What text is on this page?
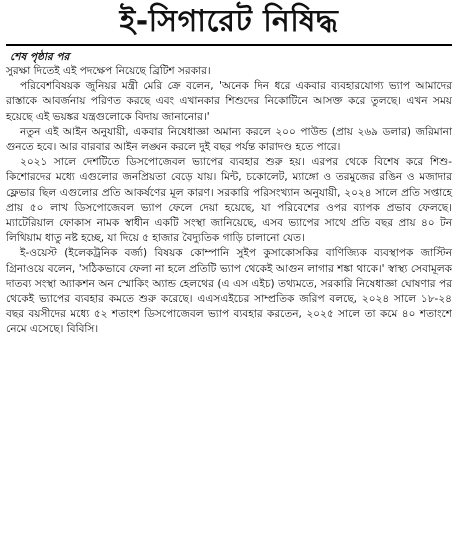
ই-সিগারেট নিষিদ্ধ

শেষ পৃষ্ঠার পর

সুরক্ষা দিতেই এই পদক্ষেপ নিয়েছে ব্রিটিশ সরকার।

পরিবেশবিষয়ক জুনিয়র মন্ত্রী মেরি ক্রে বলেন, 'অনেক দিন ধরে একবার ব্যবহারযোগ্য ভ্যাপ আমাদের রাস্তাকে আবর্জনায় পরিণত করছে এবং এখানকার শিশুদের নিকোটিনে আসক্ত করে তুলছে। এখন সময় হয়েছে এই ভয়ঙ্কর যন্ত্রগুলোকে বিদায় জানানোর।'

নতুন এই আইন অনুযায়ী, একবার নিষেধাজ্ঞা অমান্য করলে ২০০ পাউন্ড (প্রায় ২৬৯ ডলার) জরিমানা গুনতে হবে। আর বারবার আইন লঙ্ঘন করলে দুই বছর পর্যন্ত কারাদণ্ড হতে পারে।

২০২১ সালে দেশটিতে ডিসপোজেবল ভ্যাপের ব্যবহার শুরু হয়। এরপর থেকে বিশেষ করে শিশু-কিশোরদের মধ্যে এগুলোর জনপ্রিয়তা বেড়ে যায়। মিন্ট, চকোলেট, ম্যাঙ্গো ও তরমুজের রঙিন ও মজাদার ফ্লেভার ছিল এগুলোর প্রতি আকর্ষণের মূল কারণ। সরকারি পরিসংখ্যান অনুযায়ী, ২০২৪ সালে প্রতি সপ্তাহে প্রায় ৫০ লাখ ডিসপোজেবল ভ্যাপ ফেলে দেয়া হয়েছে, যা পরিবেশের ওপর ব্যাপক প্রভাব ফেলছে। ম্যাটেরিয়াল ফোকাস নামক স্বাধীন একটি সংস্থা জানিয়েছে, এসব ভ্যাপের সাথে প্রতি বছর প্রায় ৪০ টন লিথিয়াম ধাতু নষ্ট হচ্ছে, যা দিয়ে ৫ হাজার বৈদ্যুতিক গাড়ি চালানো যেত।

ই-ওয়েস্ট (ইলেকট্রনিক বর্জ্য) বিষয়ক কোম্পানি সুইপ কুসাকোসকির বাণিজ্যিক ব্যবস্থাপক জাস্টিন গ্রিনাওয়ে বলেন, 'সঠিকভাবে ফেলা না হলে প্রতিটি ভ্যাপ থেকেই আগুন লাগার শঙ্কা থাকে।' স্বাস্থ্য সেবামূলক দাতব্য সংস্থা অ্যাকশন অন স্মোকিং অ্যান্ড হেলথের (এ এস এইচ) তথ্যমতে, সরকারি নিষেধাজ্ঞা ঘোষণার পর থেকেই ভ্যাপের ব্যবহার কমতে শুরু করেছে। এএসএইচের সাম্প্রতিক জরিপ বলছে, ২০২৪ সালে ১৮-২৪ বছর বয়সীদের মধ্যে ৫২ শতাংশ ডিসপোজেবল ভ্যাপ ব্যবহার করতেন, ২০২৫ সালে তা কমে ৪০ শতাংশে নেমে এসেছে। বিবিসি।
